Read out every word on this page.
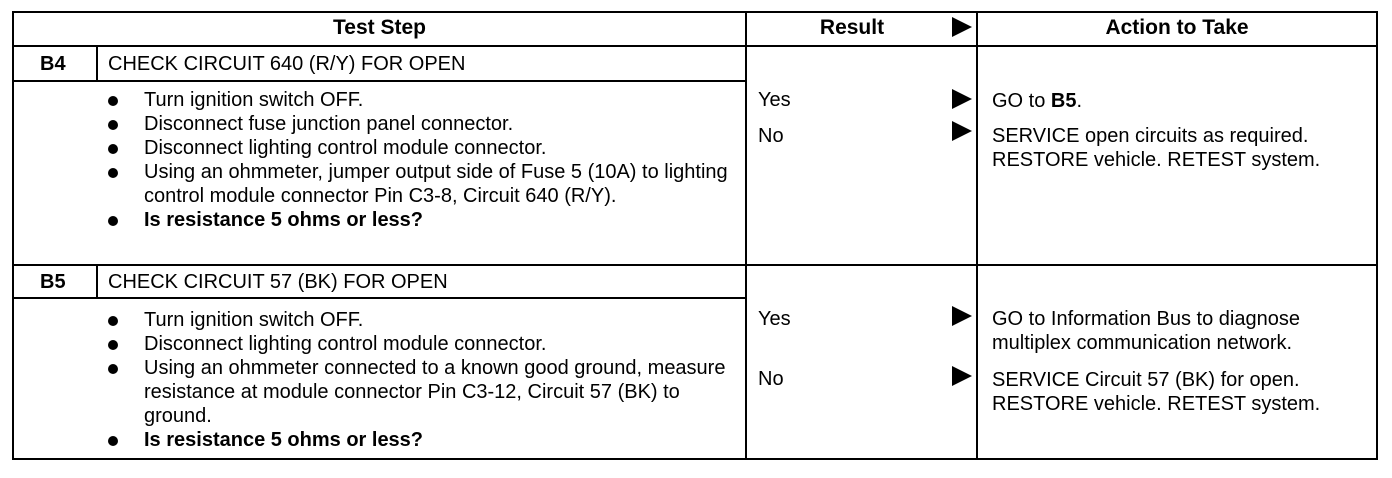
Test Step	Result	Action to Take
B4 CHECK CIRCUIT 640 (R/Y) FOR OPEN
Turn ignition switch OFF.
Disconnect fuse junction panel connector.
Disconnect lighting control module connector.
Using an ohmmeter, jumper output side of Fuse 5 (10A) to lighting control module connector Pin C3-8, Circuit 640 (R/Y).
Is resistance 5 ohms or less?
Yes	GO to B5.
No	SERVICE open circuits as required. RESTORE vehicle. RETEST system.
B5 CHECK CIRCUIT 57 (BK) FOR OPEN
Turn ignition switch OFF.
Disconnect lighting control module connector.
Using an ohmmeter connected to a known good ground, measure resistance at module connector Pin C3-12, Circuit 57 (BK) to ground.
Is resistance 5 ohms or less?
Yes	GO to Information Bus to diagnose multiplex communication network.
No	SERVICE Circuit 57 (BK) for open. RESTORE vehicle. RETEST system.
